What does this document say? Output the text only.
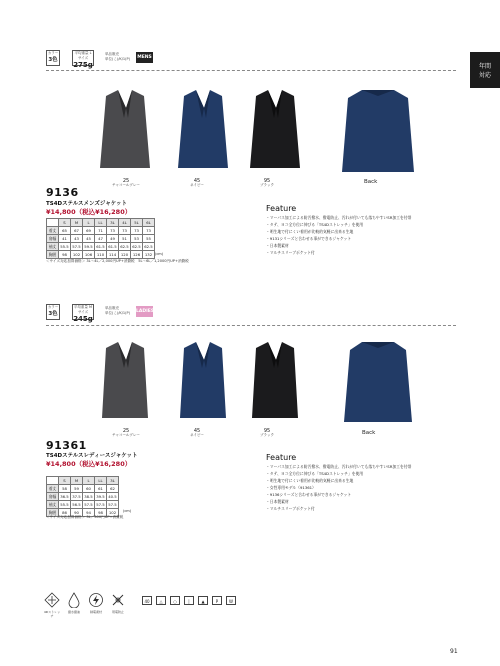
年間
対応
カラー
3色
平均重量 Lサイズ
275g
単品販売
単位(こ)/K/1(P) MENS
25
チャコールグレー
45
ネイビー
95
ブラック	Back
9136
TS4Dステルスメンズジャケット
¥14,800（税込¥16,280）
	S	M	L	LL	3L	4L	5L	6L
着丈	65	67	69	71	73	73	73	73
肩幅	41	43	45	47	49	51	53	55
袖丈	55.5	57.5	59.5	61.5	61.5	62.5	62.5	62.5
胸囲	98	102	106	110	114	120	126	132 (cm)
＜サイズ対応加算価格＞ 3L〜4L／2,000円UP+消費税　5L〜6L／1,2000円UP+消費税
Feature
・マーパス加工による防汚撥水、撥電防止、汚れが付いても落ちやすいSR加工を付帯
・タテ、ヨコ全方位に伸びる「TS4Dストレッチ」を使用
・明生地で付にくい着用が比較的気軽に出来る生地
・9131シリーズと合わせる事ができるジャケット
・日本製素材
・マルチスリーブポケット付
カラー
3色
平均重量 Mサイズ
245g
単品販売
単位(こ)/K/1(P) LADIES
25
チャコールグレー
45
ネイビー
95
ブラック	Back
91361
TS4Dステルスレディースジャケット
¥14,800（税込¥16,280）
	S	M	L	LL	3L
着丈	58	59	60	61	62
肩幅	36.5	37.5	38.5	39.5	40.5
袖丈	55.5	56.5	57.5	57.5	57.5
胸囲	86	90	94	98	102 (cm)
＜サイズ対応加算価格＞ 3L／300円UP+消費税
Feature
・マーパス加工による防汚撥水、撥電防止、汚れが付いても落ちやすいSR加工を付帯
・タテ、ヨコ全方位に伸びる「TS4Dストレッチ」を使用
・明生地で付にくい着用が比較的気軽に出来る生地
・女性専用モデル（91361）
・9136シリーズと合わせる事ができるジャケット
・日本製素材
・マルチスリーブポケット付
4Dストレッチ
撥水撥油	制電素材	帯電防止
40	△	○	│	▲	P	W
91
